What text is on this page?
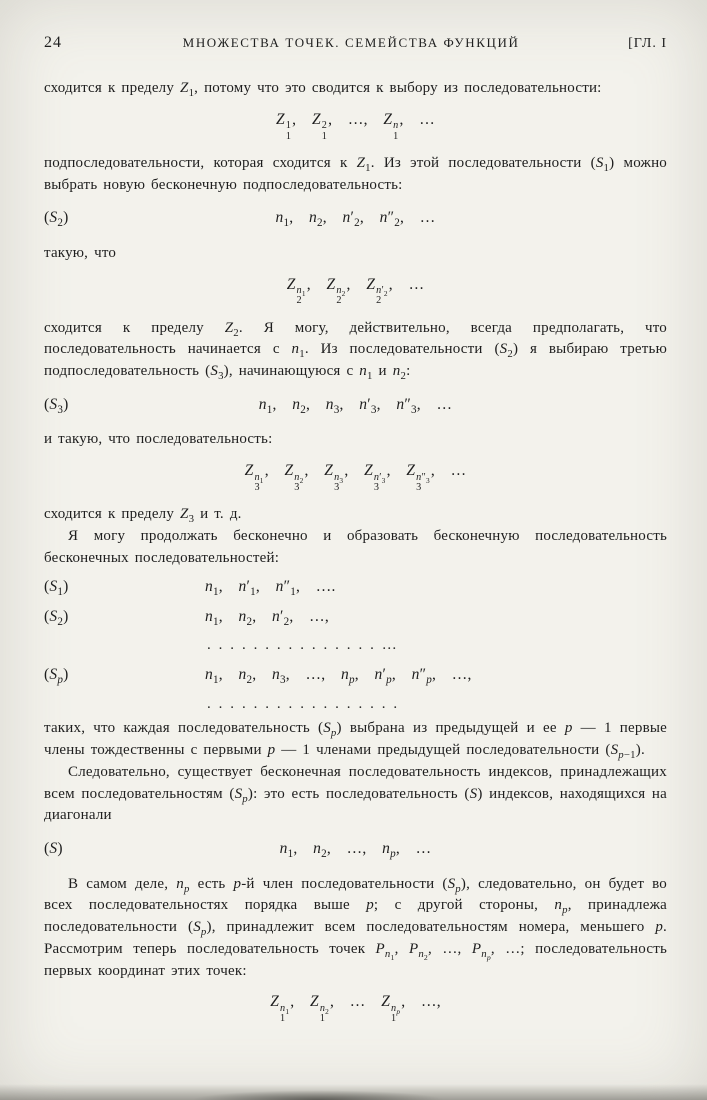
24	МНОЖЕСТВА ТОЧЕК. СЕМЕЙСТВА ФУНКЦИЙ	[ГЛ. I
сходится к пределу $Z_1$, потому что это сводится к выбору из последовательности:
Z 1
1
, Z 2
1
, …, Z n
1
, …
подпоследовательности, которая сходится к $Z_1$. Из этой последовательности $(S_1)$ можно выбрать новую бесконечную подпоследовательность:
$(S_2)$	$n_1$, $n_2$, $n'_2$, $n''_2$, …
такую, что
Z $n_1$
2
, Z $n_2$
2
, Z $n'_2$
2
, …
сходится к пределу $Z_2$. Я могу, действительно, всегда предполагать, что последовательность начинается с $n_1$. Из последовательности $(S_2)$ я выбираю третью подпоследовательность $(S_3)$, начинающуюся с $n_1$ и $n_2$:
$(S_3)$	$n_1$, $n_2$, $n_3$, $n'_3$, $n''_3$, …
и такую, что последовательность:
Z $n_1$
3
, Z $n_2$
3
, Z $n_3$
3
, Z $n'_3$
3
, Z $n''_3$
3
, …
сходится к пределу $Z_3$ и т. д.
Я могу продолжать бесконечно и образовать бесконечную последовательность бесконечных последовательностей:
$(S_1)$	$n_1$, $n'_1$, $n''_1$, ….
$(S_2)$	$n_1$, $n_2$, $n'_2$, …,
. . . . . . . . . . . . . . . …
$(S_p)$	$n_1$, $n_2$, $n_3$, …, $n_p$, $n'_p$, $n''_p$, …,
. . . . . . . . . . . . . . . . .
таких, что каждая последовательность $(S_p)$ выбрана из предыдущей и ее p — 1 первые члены тождественны с первыми p — 1 членами предыдущей последовательности $(S_{p-1})$.
Следовательно, существует бесконечная последовательность индексов, принадлежащих всем последовательностям $(S_p)$: это есть последовательность (S) индексов, находящихся на диагонали
(S)	$n_1$, $n_2$, …, $n_p$, …
В самом деле, $n_p$ есть p-й член последовательности $(S_p)$, следовательно, он будет во всех последовательностях порядка выше p; с другой стороны, $n_p$, принадлежа последовательности $(S_p)$, принадлежит всем последовательностям номера, меньшего p. Рассмотрим теперь последовательность точек $P_{n_1}$, $P_{n_2}$, …, $P_{n_p}$, …; последовательность первых координат этих точек:
Z $n_1$
1
, Z $n_2$
1
, … Z $n_p$
1
, …,
